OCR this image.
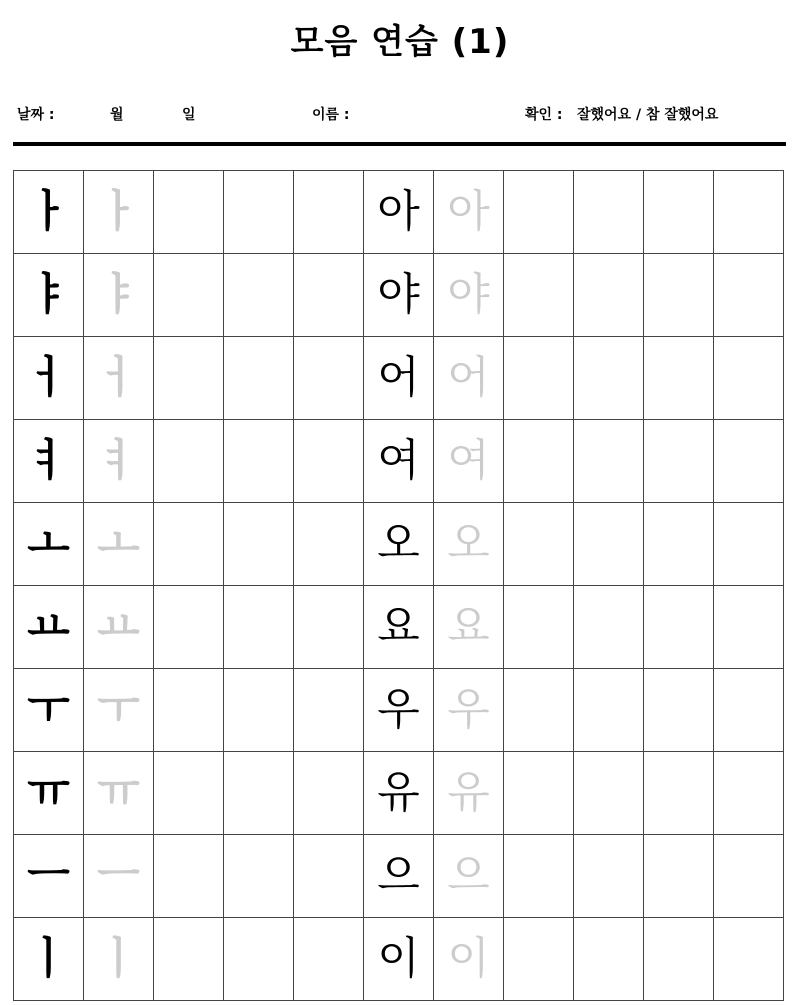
모음 연습 (1)
날짜 :	월	일	이름 :	확인 : 잘했어요 / 참 잘했어요
ㅏ	ㅏ				아	아				
ㅑ	ㅑ				야	야				
ㅓ	ㅓ				어	어				
ㅕ	ㅕ				여	여				
ㅗ	ㅗ				오	오				
ㅛ	ㅛ				요	요				
ㅜ	ㅜ				우	우				
ㅠ	ㅠ				유	유				
ㅡ	ㅡ				으	으				
ㅣ	ㅣ				이	이				
